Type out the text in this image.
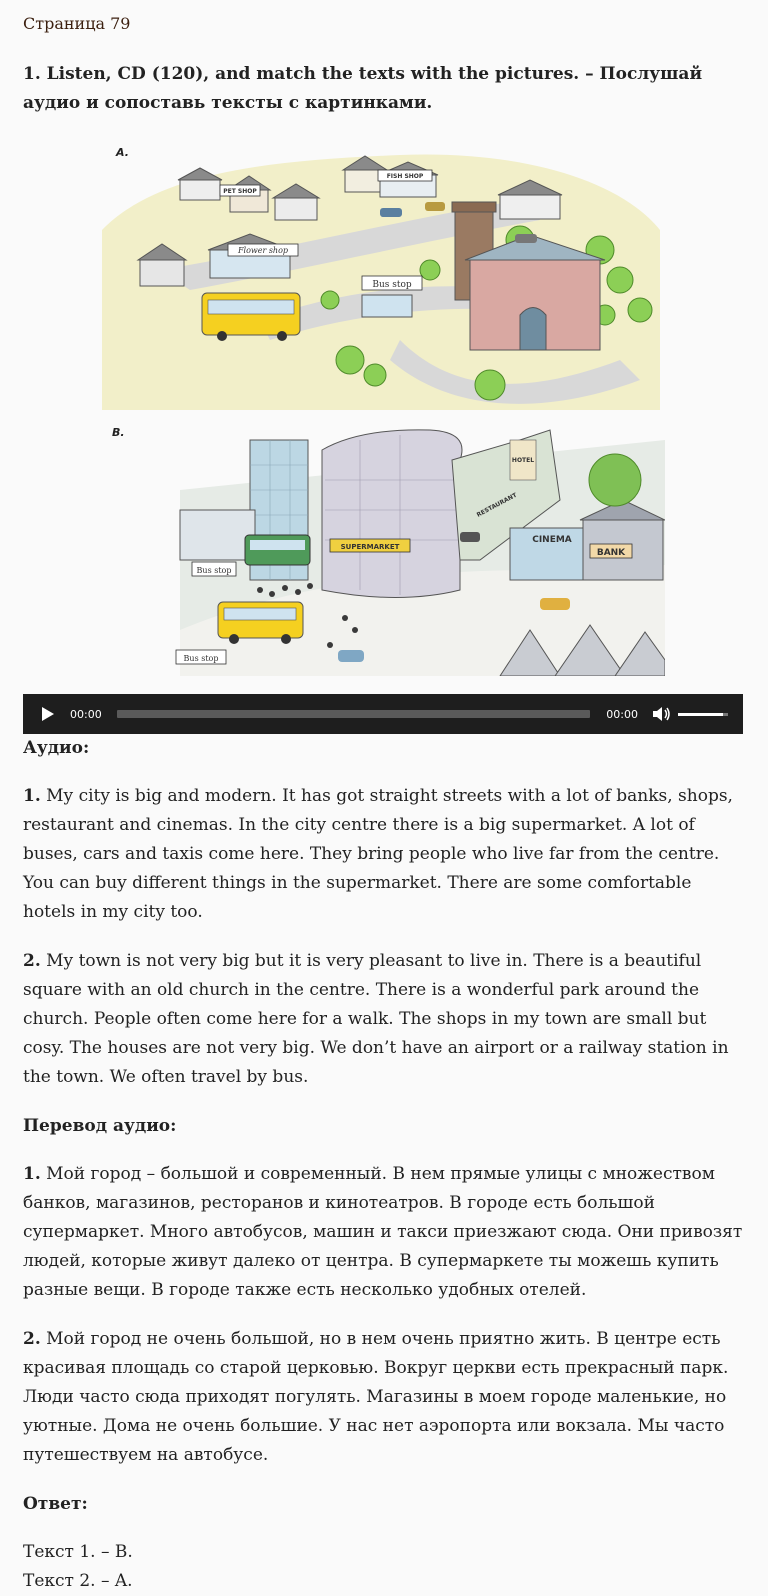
Страница 79
1. Listen, CD (120), and match the texts with the pictures. – Послушай аудио и сопоставь тексты с картинками.
A.
PET SHOP
FISH SHOP
Flower shop
Bus stop
B.
SUPERMARKET
HOTEL
RESTAURANT
CINEMA
BANK
Bus stop
Bus stop
00:00	00:00
Аудио:

1. My city is big and modern. It has got straight streets with a lot of banks, shops, restaurant and cinemas. In the city centre there is a big supermarket. A lot of buses, cars and taxis come here. They bring people who live far from the centre. You can buy different things in the supermarket. There are some comfortable hotels in my city too.

2. My town is not very big but it is very pleasant to live in. There is a beautiful square with an old church in the centre. There is a wonderful park around the church. People often come here for a walk. The shops in my town are small but cosy. The houses are not very big. We don’t have an airport or a railway station in the town. We often travel by bus.

Перевод аудио:

1. Мой город – большой и современный. В нем прямые улицы с множеством банков, магазинов, ресторанов и кинотеатров. В городе есть большой супермаркет. Много автобусов, машин и такси приезжают сюда. Они привозят людей, которые живут далеко от центра. В супермаркете ты можешь купить разные вещи. В городе также есть несколько удобных отелей.

2. Мой город не очень большой, но в нем очень приятно жить. В центре есть красивая площадь со старой церковью. Вокруг церкви есть прекрасный парк. Люди часто сюда приходят погулять. Магазины в моем городе маленькие, но уютные. Дома не очень большие. У нас нет аэропорта или вокзала. Мы часто путешествуем на автобусе.

Ответ:

Текст 1. – B.

Текст 2. – A.
